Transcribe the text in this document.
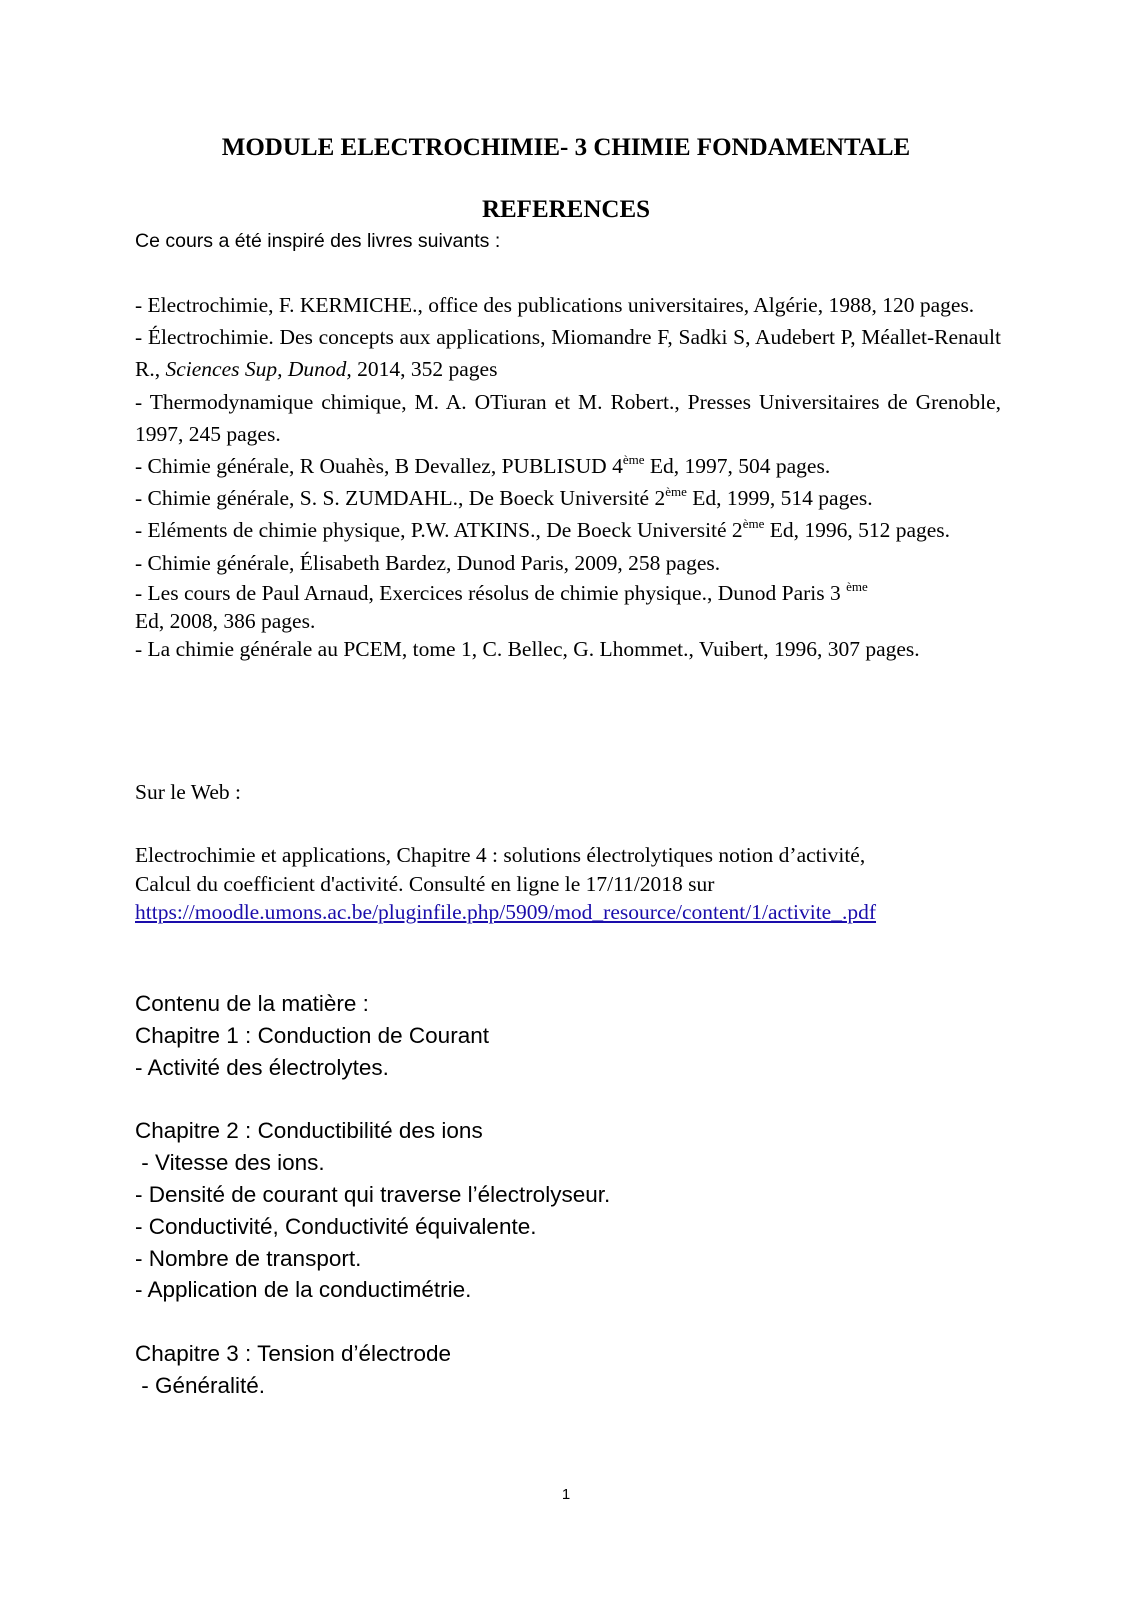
MODULE ELECTROCHIMIE- 3 CHIMIE FONDAMENTALE
REFERENCES
Ce cours a été inspiré des livres suivants :

- Electrochimie, F. KERMICHE., office des publications universitaires, Algérie, 1988, 120 pages.

- Électrochimie. Des concepts aux applications, Miomandre F, Sadki S, Audebert P, Méallet-Renault R., Sciences Sup, Dunod, 2014, 352 pages

- Thermodynamique chimique, M. A. OTiuran et M. Robert., Presses Universitaires de Grenoble, 1997, 245 pages.

- Chimie générale, R Ouahès, B Devallez, PUBLISUD 4ème Ed, 1997, 504 pages.

- Chimie générale, S. S. ZUMDAHL., De Boeck Université 2ème Ed, 1999, 514 pages.

- Eléments de chimie physique, P.W. ATKINS., De Boeck Université 2ème Ed, 1996, 512 pages.

- Chimie générale, Élisabeth Bardez, Dunod Paris, 2009, 258 pages.

- Les cours de Paul Arnaud, Exercices résolus de chimie physique., Dunod Paris 3 $^{ème}$
Ed, 2008, 386 pages.

- La chimie générale au PCEM, tome 1, C. Bellec, G. Lhommet., Vuibert, 1996, 307 pages.

Sur le Web :

Electrochimie et applications, Chapitre 4 : solutions électrolytiques notion d’activité,

Calcul du coefficient d'activité. Consulté en ligne le 17/11/2018 sur

https://moodle.umons.ac.be/pluginfile.php/5909/mod_resource/content/1/activite_.pdf

Contenu de la matière :

Chapitre 1 : Conduction de Courant

- Activité des électrolytes.

Chapitre 2 : Conductibilité des ions

- Vitesse des ions.

- Densité de courant qui traverse l’électrolyseur.

- Conductivité, Conductivité équivalente.

- Nombre de transport.

- Application de la conductimétrie.

Chapitre 3 : Tension d’électrode

- Généralité.

1
